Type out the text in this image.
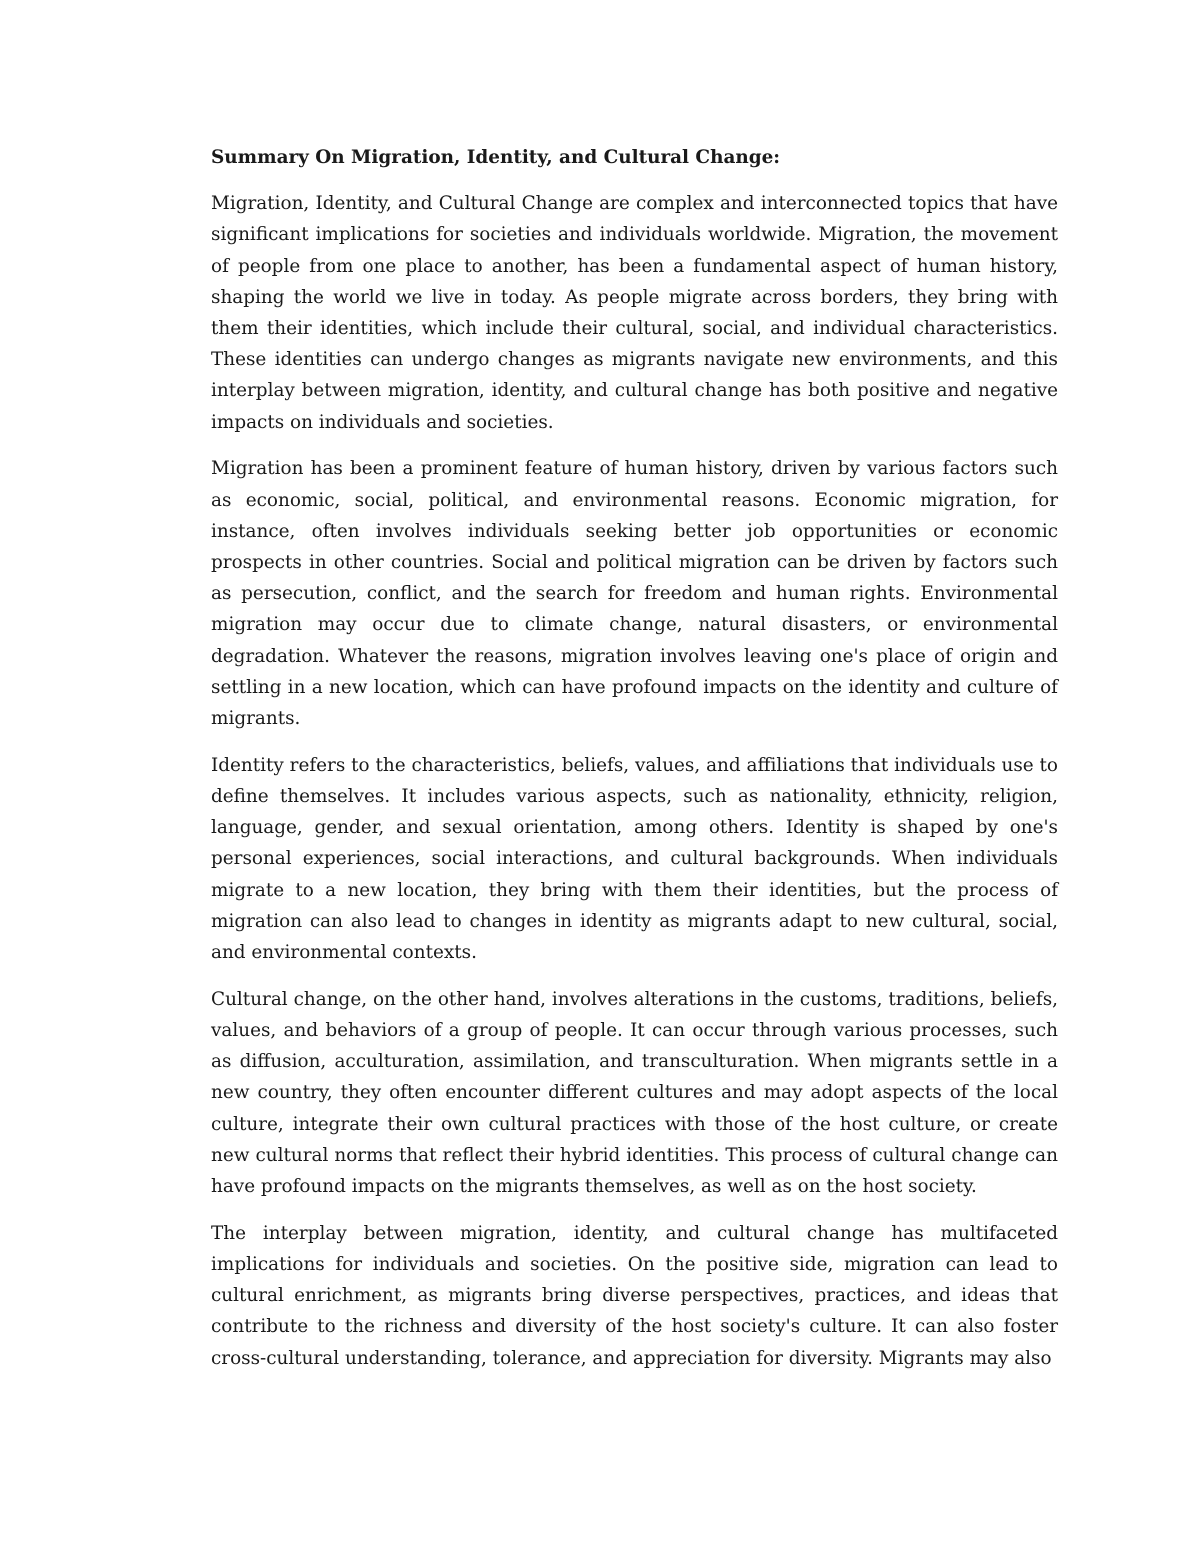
Summary On Migration, Identity, and Cultural Change:

Migration, Identity, and Cultural Change are complex and interconnected topics that have significant implications for societies and individuals worldwide. Migration, the movement of people from one place to another, has been a fundamental aspect of human history, shaping the world we live in today. As people migrate across borders, they bring with them their identities, which include their cultural, social, and individual characteristics. These identities can undergo changes as migrants navigate new environments, and this interplay between migration, identity, and cultural change has both positive and negative impacts on individuals and societies.

Migration has been a prominent feature of human history, driven by various factors such as economic, social, political, and environmental reasons. Economic migration, for instance, often involves individuals seeking better job opportunities or economic prospects in other countries. Social and political migration can be driven by factors such as persecution, conflict, and the search for freedom and human rights. Environmental migration may occur due to climate change, natural disasters, or environmental degradation. Whatever the reasons, migration involves leaving one's place of origin and settling in a new location, which can have profound impacts on the identity and culture of migrants.

Identity refers to the characteristics, beliefs, values, and affiliations that individuals use to define themselves. It includes various aspects, such as nationality, ethnicity, religion, language, gender, and sexual orientation, among others. Identity is shaped by one's personal experiences, social interactions, and cultural backgrounds. When individuals migrate to a new location, they bring with them their identities, but the process of migration can also lead to changes in identity as migrants adapt to new cultural, social, and environmental contexts.

Cultural change, on the other hand, involves alterations in the customs, traditions, beliefs, values, and behaviors of a group of people. It can occur through various processes, such as diffusion, acculturation, assimilation, and transculturation. When migrants settle in a new country, they often encounter different cultures and may adopt aspects of the local culture, integrate their own cultural practices with those of the host culture, or create new cultural norms that reflect their hybrid identities. This process of cultural change can have profound impacts on the migrants themselves, as well as on the host society.

The interplay between migration, identity, and cultural change has multifaceted implications for individuals and societies. On the positive side, migration can lead to cultural enrichment, as migrants bring diverse perspectives, practices, and ideas that contribute to the richness and diversity of the host society's culture. It can also foster cross-cultural understanding, tolerance, and appreciation for diversity. Migrants may also
